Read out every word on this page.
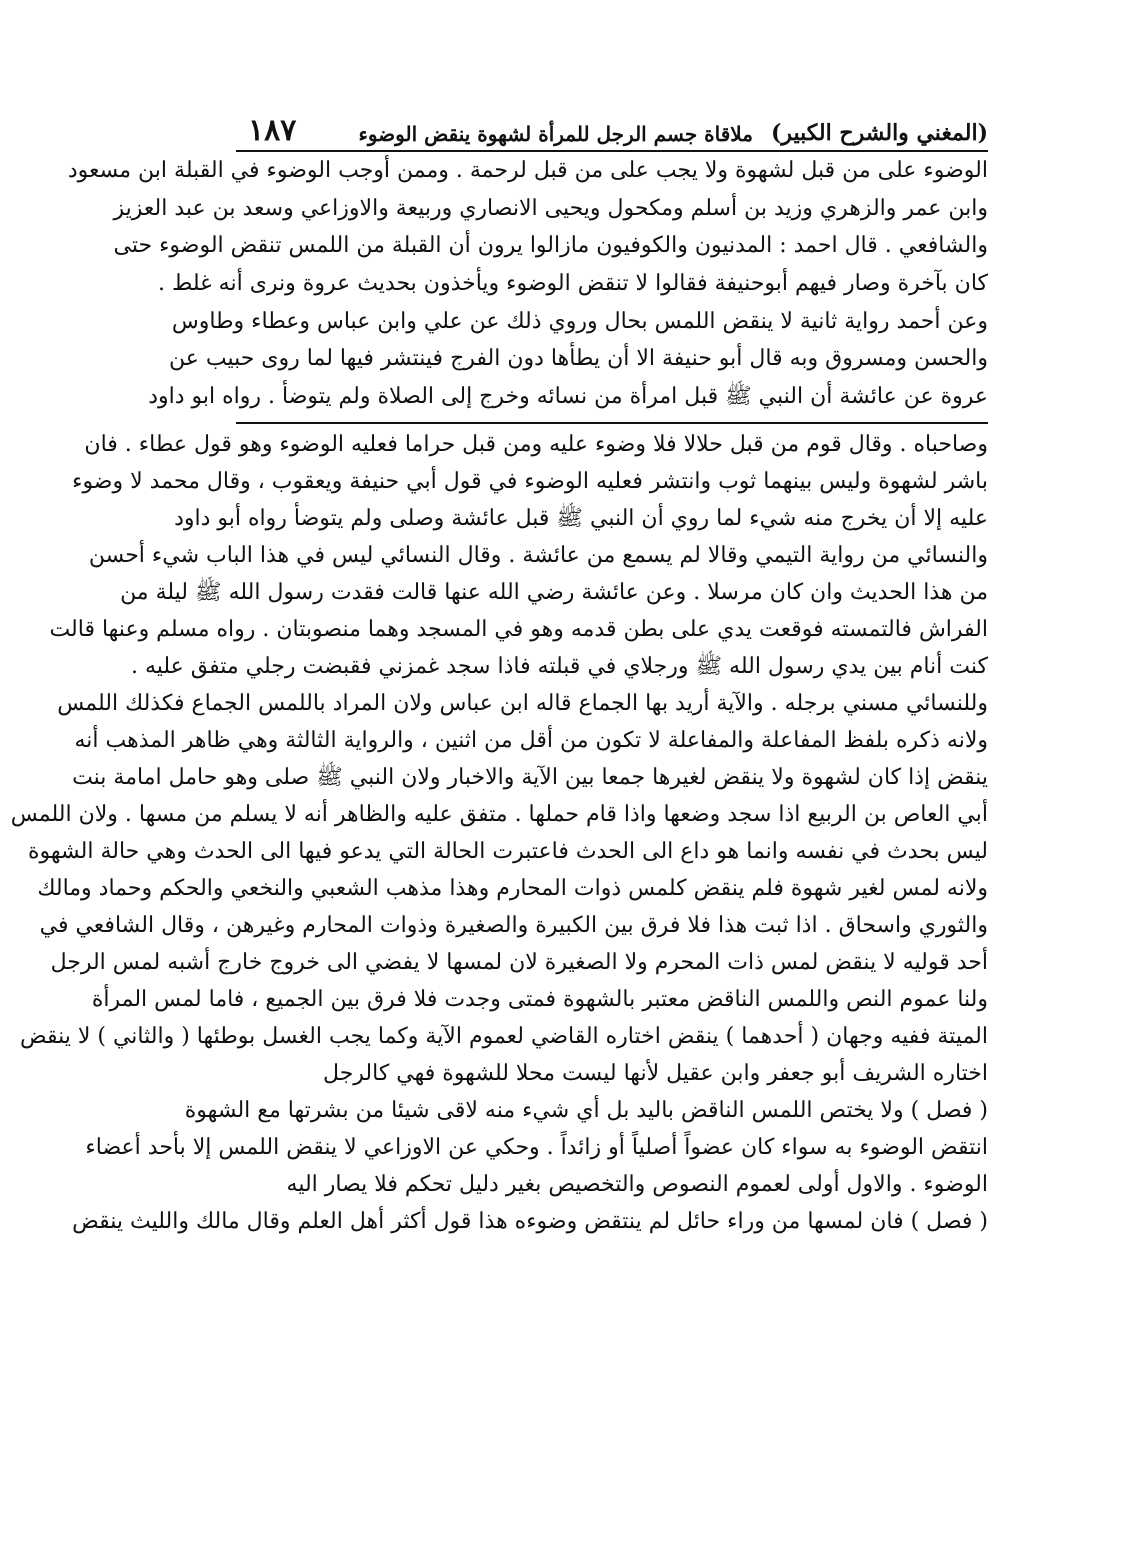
(المغني والشرح الكبير)
ملاقاة جسم الرجل للمرأة لشهوة ينقض الوضوء
١٨٧
الوضوء على من قبل لشهوة ولا يجب على من قبل لرحمة . وممن أوجب الوضوء في القبلة ابن مسعود
وابن عمر والزهري وزيد بن أسلم ومكحول ويحيى الانصاري وربيعة والاوزاعي وسعد بن عبد العزيز
والشافعي . قال احمد : المدنيون والكوفيون مازالوا يرون أن القبلة من اللمس تنقض الوضوء حتى
كان بآخرة وصار فيهم أبوحنيفة فقالوا لا تنقض الوضوء ويأخذون بحديث عروة ونرى أنه غلط .
وعن أحمد رواية ثانية لا ينقض اللمس بحال وروي ذلك عن علي وابن عباس وعطاء وطاوس
والحسن ومسروق وبه قال أبو حنيفة الا أن يطأها دون الفرج فينتشر فيها لما روى حبيب عن
عروة عن عائشة أن النبي ﷺ قبل امرأة من نسائه وخرج إلى الصلاة ولم يتوضأ . رواه ابو داود
وصاحباه . وقال قوم من قبل حلالا فلا وضوء عليه ومن قبل حراما فعليه الوضوء وهو قول عطاء . فان
باشر لشهوة وليس بينهما ثوب وانتشر فعليه الوضوء في قول أبي حنيفة ويعقوب ، وقال محمد لا وضوء
عليه إلا أن يخرج منه شيء لما روي أن النبي ﷺ قبل عائشة وصلى ولم يتوضأ رواه أبو داود
والنسائي من رواية التيمي وقالا لم يسمع من عائشة . وقال النسائي ليس في هذا الباب شيء أحسن
من هذا الحديث وان كان مرسلا . وعن عائشة رضي الله عنها قالت فقدت رسول الله ﷺ ليلة من
الفراش فالتمسته فوقعت يدي على بطن قدمه وهو في المسجد وهما منصوبتان . رواه مسلم وعنها قالت
كنت أنام بين يدي رسول الله ﷺ ورجلاي في قبلته فاذا سجد غمزني فقبضت رجلي متفق عليه .
وللنسائي مسني برجله . والآية أريد بها الجماع قاله ابن عباس ولان المراد باللمس الجماع فكذلك اللمس
ولانه ذكره بلفظ المفاعلة والمفاعلة لا تكون من أقل من اثنين ، والرواية الثالثة وهي ظاهر المذهب أنه
ينقض إذا كان لشهوة ولا ينقض لغيرها جمعا بين الآية والاخبار ولان النبي ﷺ صلى وهو حامل امامة بنت
أبي العاص بن الربيع اذا سجد وضعها واذا قام حملها . متفق عليه والظاهر أنه لا يسلم من مسها . ولان اللمس
ليس بحدث في نفسه وانما هو داع الى الحدث فاعتبرت الحالة التي يدعو فيها الى الحدث وهي حالة الشهوة
ولانه لمس لغير شهوة فلم ينقض كلمس ذوات المحارم وهذا مذهب الشعبي والنخعي والحكم وحماد ومالك
والثوري واسحاق . اذا ثبت هذا فلا فرق بين الكبيرة والصغيرة وذوات المحارم وغيرهن ، وقال الشافعي في
أحد قوليه لا ينقض لمس ذات المحرم ولا الصغيرة لان لمسها لا يفضي الى خروج خارج أشبه لمس الرجل
ولنا عموم النص واللمس الناقض معتبر بالشهوة فمتى وجدت فلا فرق بين الجميع ، فاما لمس المرأة
الميتة ففيه وجهان ( أحدهما ) ينقض اختاره القاضي لعموم الآية وكما يجب الغسل بوطئها ( والثاني ) لا ينقض
اختاره الشريف أبو جعفر وابن عقيل لأنها ليست محلا للشهوة فهي كالرجل
( فصل ) ولا يختص اللمس الناقض باليد بل أي شيء منه لاقى شيئا من بشرتها مع الشهوة
انتقض الوضوء به سواء كان عضواً أصلياً أو زائداً . وحكي عن الاوزاعي لا ينقض اللمس إلا بأحد أعضاء
الوضوء . والاول أولى لعموم النصوص والتخصيص بغير دليل تحكم فلا يصار اليه
( فصل ) فان لمسها من وراء حائل لم ينتقض وضوءه هذا قول أكثر أهل العلم وقال مالك والليث ينقض
